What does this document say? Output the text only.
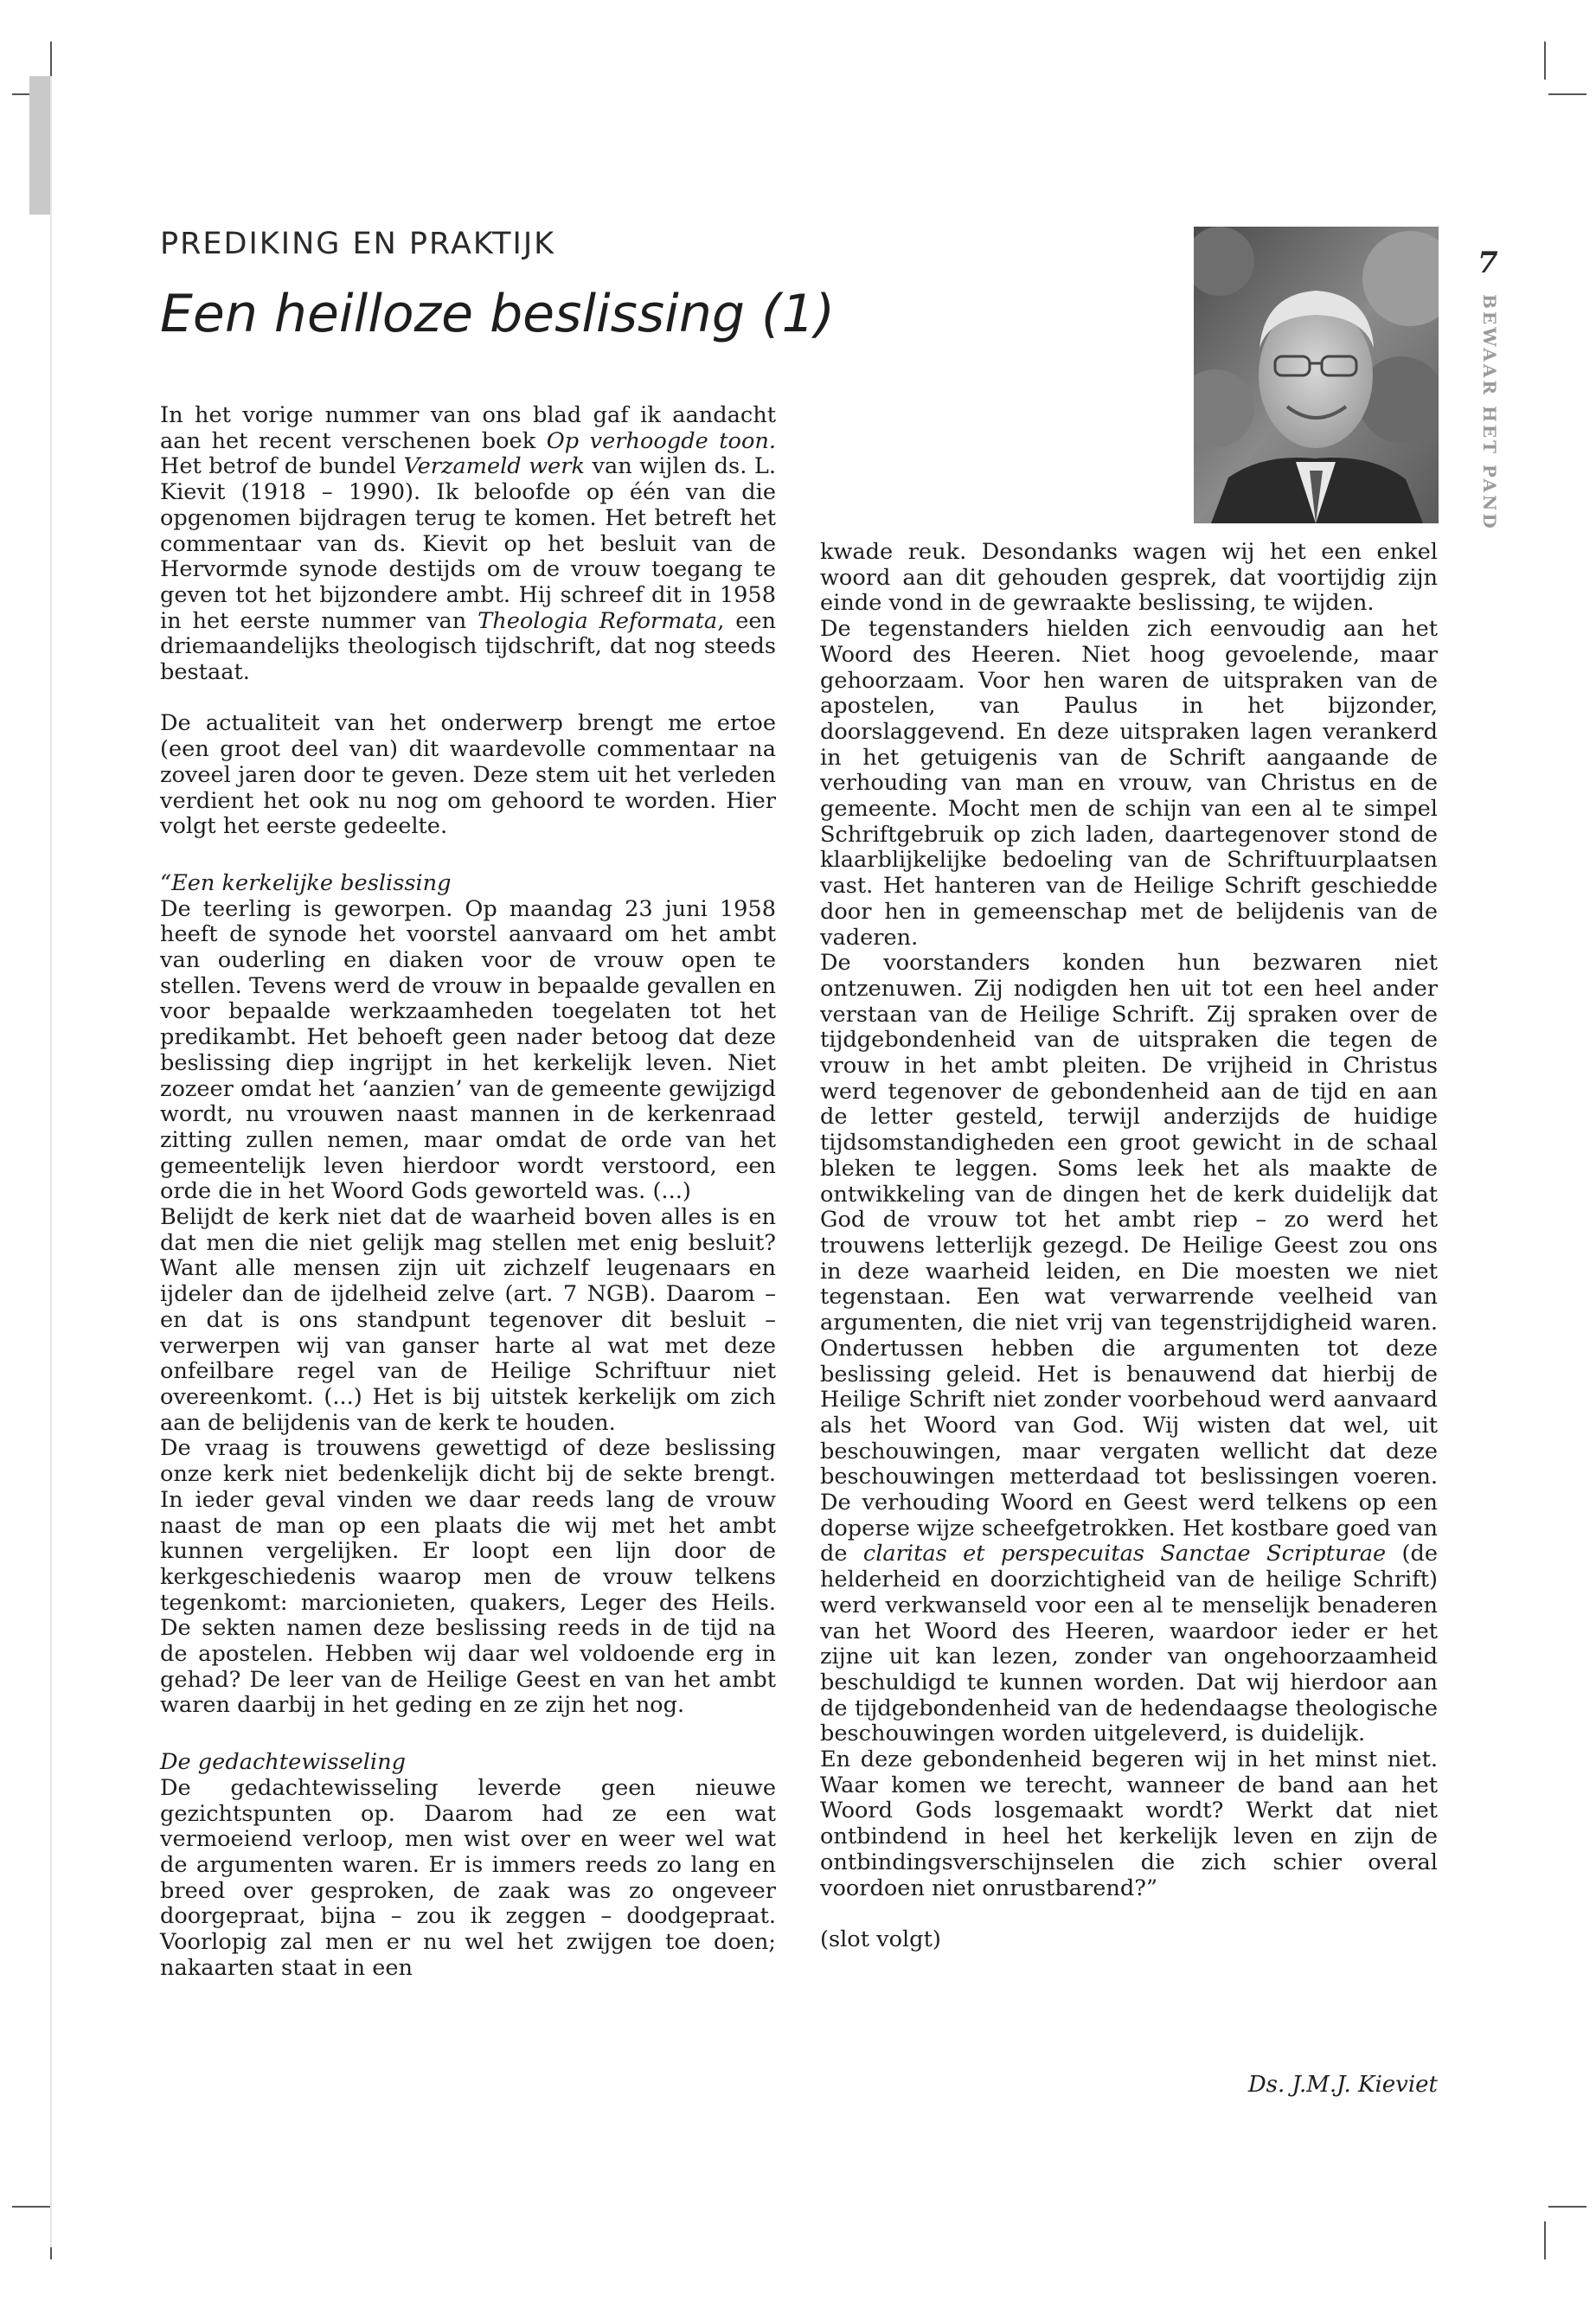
PREDIKING EN PRAKTIJK
Een heilloze beslissing (1)
7
BEWAAR HET PAND

In het vorige nummer van ons blad gaf ik aandacht aan het recent verschenen boek Op verhoogde toon. Het betrof de bundel Verzameld werk van wijlen ds. L. Kievit (1918 – 1990). Ik beloofde op één van die opgenomen bijdragen terug te komen. Het betreft het commentaar van ds. Kievit op het besluit van de Hervormde synode destijds om de vrouw toegang te geven tot het bijzondere ambt. Hij schreef dit in 1958 in het eerste nummer van Theologia Reformata, een driemaandelijks theologisch tijdschrift, dat nog steeds bestaat.

De actualiteit van het onderwerp brengt me ertoe (een groot deel van) dit waardevolle commentaar na zoveel jaren door te geven. Deze stem uit het verleden verdient het ook nu nog om gehoord te worden. Hier volgt het eerste gedeelte.

“Een kerkelijke beslissing

De teerling is geworpen. Op maandag 23 juni 1958 heeft de synode het voorstel aanvaard om het ambt van ouderling en diaken voor de vrouw open te stellen. Tevens werd de vrouw in bepaalde gevallen en voor bepaalde werkzaamheden toegelaten tot het predikambt. Het behoeft geen nader betoog dat deze beslissing diep ingrijpt in het kerkelijk leven. Niet zozeer omdat het ‘aanzien’ van de gemeente gewijzigd wordt, nu vrouwen naast mannen in de kerkenraad zitting zullen nemen, maar omdat de orde van het gemeentelijk leven hierdoor wordt verstoord, een orde die in het Woord Gods geworteld was. (...)

Belijdt de kerk niet dat de waarheid boven alles is en dat men die niet gelijk mag stellen met enig besluit? Want alle mensen zijn uit zichzelf leugenaars en ijdeler dan de ijdelheid zelve (art. 7 NGB). Daarom – en dat is ons standpunt tegenover dit besluit – verwerpen wij van ganser harte al wat met deze onfeilbare regel van de Heilige Schriftuur niet overeenkomt. (...) Het is bij uitstek kerkelijk om zich aan de belijdenis van de kerk te houden.

De vraag is trouwens gewettigd of deze beslissing onze kerk niet bedenkelijk dicht bij de sekte brengt. In ieder geval vinden we daar reeds lang de vrouw naast de man op een plaats die wij met het ambt kunnen vergelijken. Er loopt een lijn door de kerkgeschiedenis waarop men de vrouw telkens tegenkomt: marcionieten, quakers, Leger des Heils. De sekten namen deze beslissing reeds in de tijd na de apostelen. Hebben wij daar wel voldoende erg in gehad? De leer van de Heilige Geest en van het ambt waren daarbij in het geding en ze zijn het nog.

De gedachtewisseling

De gedachtewisseling leverde geen nieuwe gezichtspunten op. Daarom had ze een wat vermoeiend verloop, men wist over en weer wel wat de argumenten waren. Er is immers reeds zo lang en breed over gesproken, de zaak was zo ongeveer doorgepraat, bijna – zou ik zeggen – doodgepraat. Voorlopig zal men er nu wel het zwijgen toe doen; nakaarten staat in een

kwade reuk. Desondanks wagen wij het een enkel woord aan dit gehouden gesprek, dat voortijdig zijn einde vond in de gewraakte beslissing, te wijden.

De tegenstanders hielden zich eenvoudig aan het Woord des Heeren. Niet hoog gevoelende, maar gehoorzaam. Voor hen waren de uitspraken van de apostelen, van Paulus in het bijzonder, doorslaggevend. En deze uitspraken lagen verankerd in het getuigenis van de Schrift aangaande de verhouding van man en vrouw, van Christus en de gemeente. Mocht men de schijn van een al te simpel Schriftgebruik op zich laden, daartegenover stond de klaarblijkelijke bedoeling van de Schriftuurplaatsen vast. Het hanteren van de Heilige Schrift geschiedde door hen in gemeenschap met de belijdenis van de vaderen.

De voorstanders konden hun bezwaren niet ontzenuwen. Zij nodigden hen uit tot een heel ander verstaan van de Heilige Schrift. Zij spraken over de tijdgebondenheid van de uitspraken die tegen de vrouw in het ambt pleiten. De vrijheid in Christus werd tegenover de gebondenheid aan de tijd en aan de letter gesteld, terwijl anderzijds de huidige tijdsomstandigheden een groot gewicht in de schaal bleken te leggen. Soms leek het als maakte de ontwikkeling van de dingen het de kerk duidelijk dat God de vrouw tot het ambt riep – zo werd het trouwens letterlijk gezegd. De Heilige Geest zou ons in deze waarheid leiden, en Die moesten we niet tegenstaan. Een wat verwarrende veelheid van argumenten, die niet vrij van tegenstrijdigheid waren. Ondertussen hebben die argumenten tot deze beslissing geleid. Het is benauwend dat hierbij de Heilige Schrift niet zonder voorbehoud werd aanvaard als het Woord van God. Wij wisten dat wel, uit beschouwingen, maar vergaten wellicht dat deze beschouwingen metterdaad tot beslissingen voeren. De verhouding Woord en Geest werd telkens op een doperse wijze scheefgetrokken. Het kostbare goed van de claritas et perspecuitas Sanctae Scripturae (de helderheid en doorzichtigheid van de heilige Schrift) werd verkwanseld voor een al te menselijk benaderen van het Woord des Heeren, waardoor ieder er het zijne uit kan lezen, zonder van ongehoorzaamheid beschuldigd te kunnen worden. Dat wij hierdoor aan de tijdgebondenheid van de hedendaagse theologische beschouwingen worden uitgeleverd, is duidelijk.

En deze gebondenheid begeren wij in het minst niet. Waar komen we terecht, wanneer de band aan het Woord Gods losgemaakt wordt? Werkt dat niet ontbindend in heel het kerkelijk leven en zijn de ontbindingsverschijnselen die zich schier overal voordoen niet onrustbarend?”

(slot volgt)

Ds. J.M.J. Kieviet
